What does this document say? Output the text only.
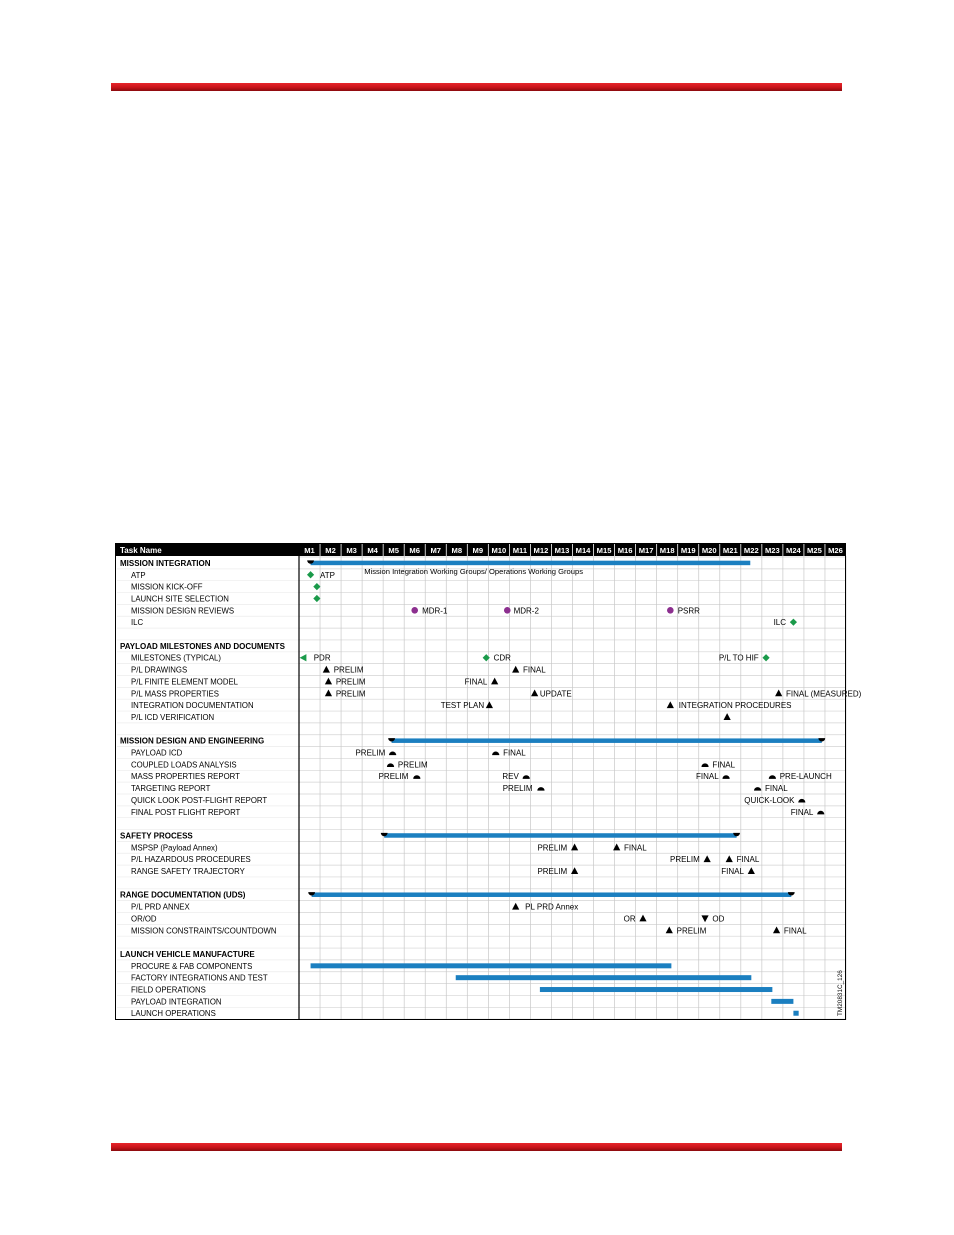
Task Name	M1 M2 M3 M4 M5 M6 M7 M8 M9 M10 M11 M12 M13 M14 M15 M16 M17 M18 M19 M20 M21 M22 M23 M24 M25 M26
MISSION INTEGRATION
ATP	ATP	Mission Integration Working Groups/ Operations Working Groups
MISSION KICK-OFF
LAUNCH SITE SELECTION
MISSION DESIGN REVIEWS	MDR-1	MDR-2	PSRR
ILC	ILC
PAYLOAD MILESTONES AND DOCUMENTS
MILESTONES (TYPICAL)	PDR	CDR	P/L TO HIF
P/L DRAWINGS	PRELIM	FINAL
P/L FINITE ELEMENT MODEL	PRELIM	FINAL
P/L MASS PROPERTIES	PRELIM	UPDATE	FINAL (MEASURED)
INTEGRATION DOCUMENTATION	TEST PLAN	INTEGRATION PROCEDURES
P/L ICD VERIFICATION
MISSION DESIGN AND ENGINEERING
PAYLOAD ICD	PRELIM	FINAL
COUPLED LOADS ANALYSIS	PRELIM	FINAL
MASS PROPERTIES REPORT	PRELIM	REV	FINAL	PRE-LAUNCH
TARGETING REPORT	PRELIM	FINAL
QUICK LOOK POST-FLIGHT REPORT	QUICK-LOOK
FINAL POST FLIGHT REPORT	FINAL
SAFETY PROCESS
MSPSP (Payload Annex)	PRELIM	FINAL
P/L HAZARDOUS PROCEDURES	PRELIM	FINAL
RANGE SAFETY TRAJECTORY	PRELIM	FINAL
RANGE DOCUMENTATION (UDS)
P/L PRD ANNEX	PL PRD Annex
OR/OD	OR	OD
MISSION CONSTRAINTS/COUNTDOWN	PRELIM	FINAL
LAUNCH VEHICLE MANUFACTURE
PROCURE & FAB COMPONENTS
FACTORY INTEGRATIONS AND TEST
FIELD OPERATIONS
PAYLOAD INTEGRATION
LAUNCH OPERATIONS	TM20831C_126
